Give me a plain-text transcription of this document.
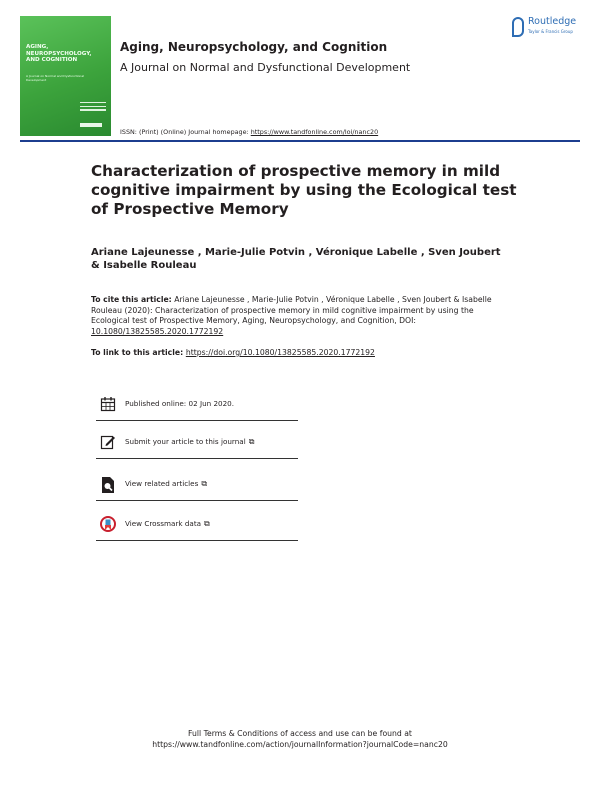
AGING, NEUROPSYCHOLOGY, AND COGNITION
A Journal on Normal and Dysfunctional Development
Aging, Neuropsychology, and Cognition
A Journal on Normal and Dysfunctional Development
ISSN: (Print) (Online) Journal homepage: https://www.tandfonline.com/loi/nanc20
Routledge
Taylor & Francis Group
Characterization of prospective memory in mild cognitive impairment by using the Ecological test of Prospective Memory
Ariane Lajeunesse , Marie-Julie Potvin , Véronique Labelle , Sven Joubert & Isabelle Rouleau
To cite this article: Ariane Lajeunesse , Marie-Julie Potvin , Véronique Labelle , Sven Joubert & Isabelle Rouleau (2020): Characterization of prospective memory in mild cognitive impairment by using the Ecological test of Prospective Memory, Aging, Neuropsychology, and Cognition, DOI: 10.1080/13825585.2020.1772192
To link to this article: https://doi.org/10.1080/13825585.2020.1772192
Published online: 02 Jun 2020.
Submit your article to this journal ⧉
View related articles ⧉
View Crossmark data ⧉
Full Terms & Conditions of access and use can be found at
https://www.tandfonline.com/action/journalInformation?journalCode=nanc20
